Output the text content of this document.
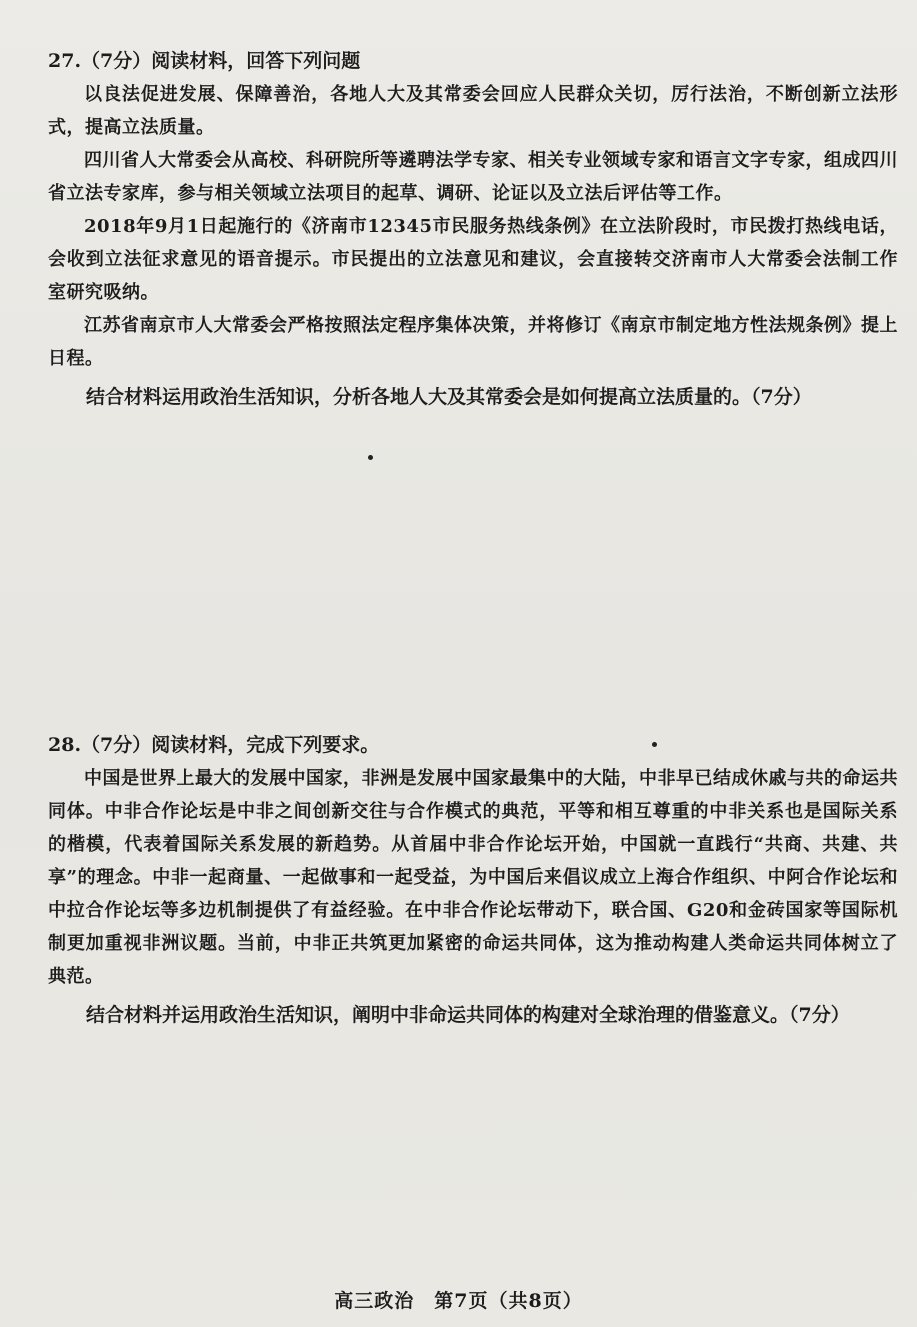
27.（7分）阅读材料，回答下列问题

以良法促进发展、保障善治，各地人大及其常委会回应人民群众关切，厉行法治，不断创新立法形式，提高立法质量。

四川省人大常委会从高校、科研院所等遴聘法学专家、相关专业领域专家和语言文字专家，组成四川省立法专家库，参与相关领域立法项目的起草、调研、论证以及立法后评估等工作。

2018年9月1日起施行的《济南市12345市民服务热线条例》在立法阶段时，市民拨打热线电话，会收到立法征求意见的语音提示。市民提出的立法意见和建议，会直接转交济南市人大常委会法制工作室研究吸纳。

江苏省南京市人大常委会严格按照法定程序集体决策，并将修订《南京市制定地方性法规条例》提上日程。

结合材料运用政治生活知识，分析各地人大及其常委会是如何提高立法质量的。（7分）

28.（7分）阅读材料，完成下列要求。

中国是世界上最大的发展中国家，非洲是发展中国家最集中的大陆，中非早已结成休戚与共的命运共同体。中非合作论坛是中非之间创新交往与合作模式的典范，平等和相互尊重的中非关系也是国际关系的楷模，代表着国际关系发展的新趋势。从首届中非合作论坛开始，中国就一直践行“共商、共建、共享”的理念。中非一起商量、一起做事和一起受益，为中国后来倡议成立上海合作组织、中阿合作论坛和中拉合作论坛等多边机制提供了有益经验。在中非合作论坛带动下，联合国、G20和金砖国家等国际机制更加重视非洲议题。当前，中非正共筑更加紧密的命运共同体，这为推动构建人类命运共同体树立了典范。

结合材料并运用政治生活知识，阐明中非命运共同体的构建对全球治理的借鉴意义。（7分）

高三政治　第7页（共8页）
